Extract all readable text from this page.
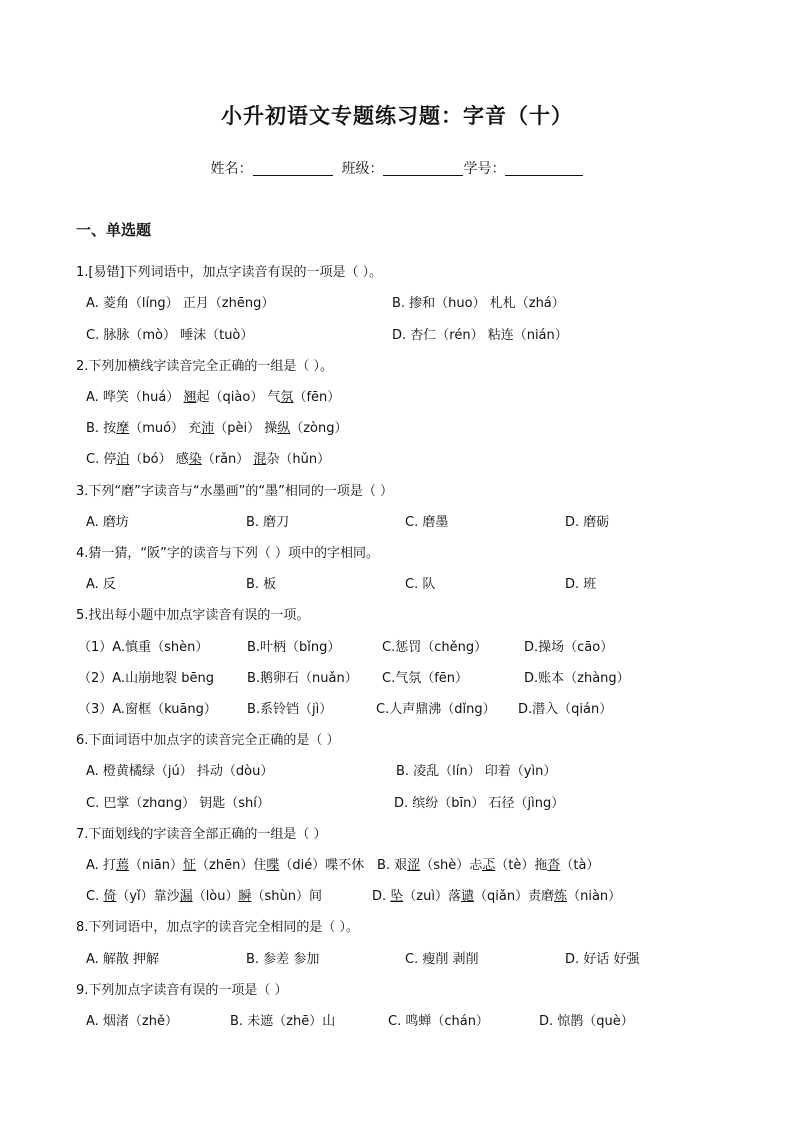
小升初语文专题练习题：字音（十）
姓名：	班级：	学号：
一、单选题
1.[易错]下列词语中，加点字读音有误的一项是（ ）。
A. 菱角（líng） 正月（zhēng）	B. 掺和（huo） 札札（zhá）
C. 脉脉（mò） 唾沫（tuò）	D. 杏仁（rén） 粘连（nián）
2.下列加横线字读音完全正确的一组是（ ）。
A. 哗笑（huá） 翘起（qiào） 气氛（fēn）
B. 按摩（muó） 充沛（pèi） 操纵（zòng）
C. 停泊（bó） 感染（rǎn） 混杂（hǔn）
3.下列“磨”字读音与“水墨画”的“墨”相同的一项是（ ）
A. 磨坊	B. 磨刀	C. 磨墨	D. 磨砺
4.猜一猜，“阪”字的读音与下列（ ）项中的字相同。
A. 反	B. 板	C. 队	D. 班
5.找出每小题中加点字读音有误的一项。
（1）A.慎重（shèn）	B.叶柄（bǐng）	C.惩罚（chěng）	D.操场（cāo）
（2）A.山崩地裂 bēng	B.鹅卵石（nuǎn） C.气氛（fēn）	D.账本（zhàng）
（3）A.窗框（kuāng） B.系铃铛（jì）	C.人声鼎沸（dǐng） D.潜入（qián）
6.下面词语中加点字的读音完全正确的是（ ）
A. 橙黄橘绿（jú） 抖动（dòu）	B. 凌乱（lín） 印着（yìn）
C. 巴掌（zhɑng） 钥匙（shí）	D. 缤纷（bīn） 石径（jìng）
7.下面划线的字读音全部正确的一组是（ ）
A. 打蔫（niān）怔（zhēn）住喋（dié）喋不休 B. 艰涩（shè）忐忑（tè）拖沓（tà）
C. 倚（yǐ）靠沙漏（lòu）瞬（shùn）间	D. 坠（zuì）落谴（qiǎn）责磨炼（niàn）
8.下列词语中，加点字的读音完全相同的是（ ）。
A. 解散 押解	B. 参差 参加	C. 瘦削 剥削	D. 好话 好强
9.下列加点字读音有误的一项是（ ）
A. 烟渚（zhě）	B. 未遮（zhē）山	C. 鸣蝉（chán）	D. 惊鹊（què）
